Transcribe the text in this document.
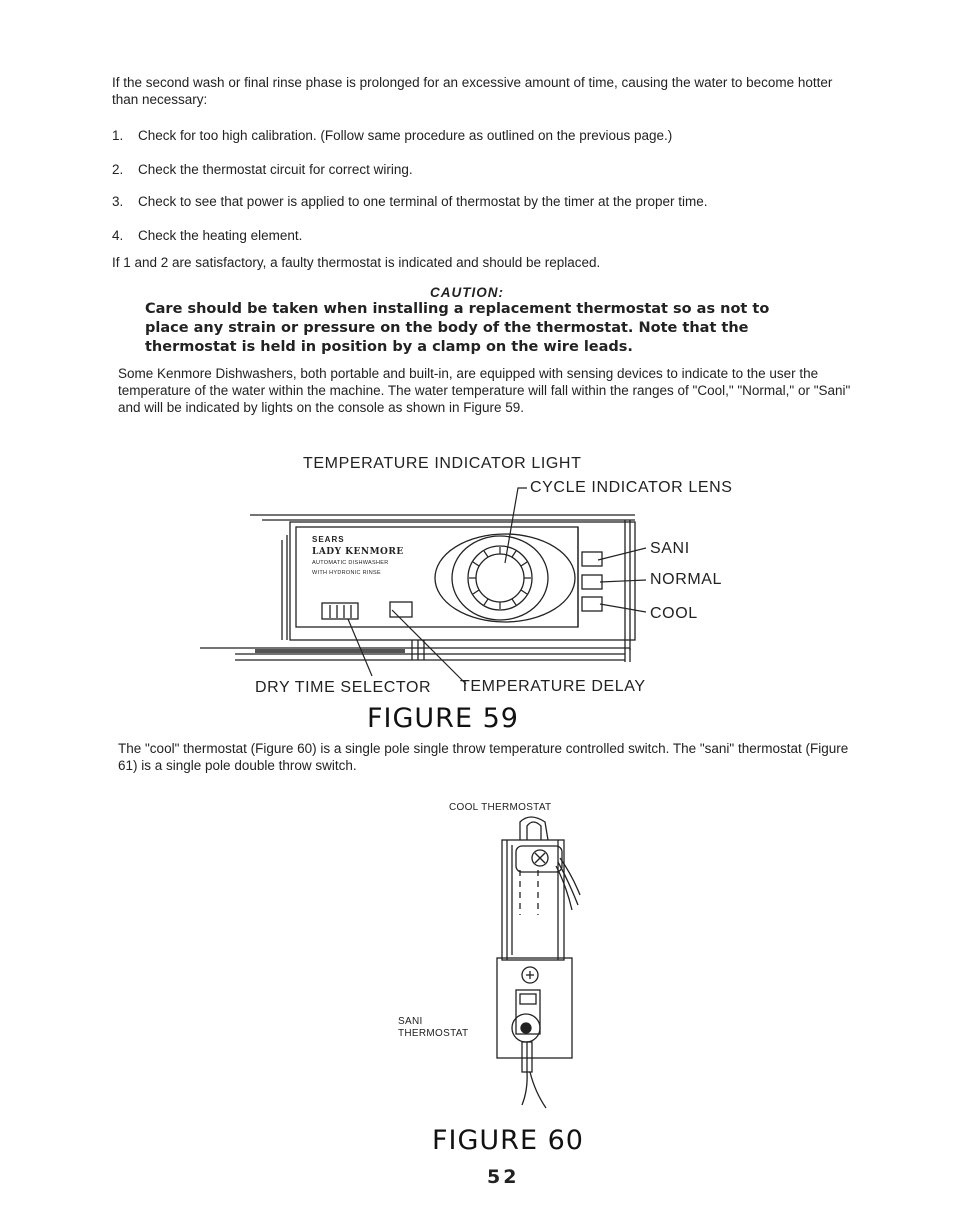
If the second wash or final rinse phase is prolonged for an excessive amount of time, causing the water to become hotter than necessary:
1. Check for too high calibration. (Follow same procedure as outlined on the previous page.)
2. Check the thermostat circuit for correct wiring.
3. Check to see that power is applied to one terminal of thermostat by the timer at the proper time.
4. Check the heating element.
If 1 and 2 are satisfactory, a faulty thermostat is indicated and should be replaced.
CAUTION:
Care should be taken when installing a replacement thermostat so as not to place any strain or pressure on the body of the thermostat. Note that the thermostat is held in position by a clamp on the wire leads.
Some Kenmore Dishwashers, both portable and built-in, are equipped with sensing devices to indicate to the user the temperature of the water within the machine. The water temperature will fall within the ranges of "Cool," "Normal," or "Sani" and will be indicated by lights on the console as shown in Figure 59.
TEMPERATURE INDICATOR LIGHT
CYCLE INDICATOR LENS
SANI
NORMAL
COOL
DRY TIME SELECTOR TEMPERATURE DELAY
SEARS
LADY KENMORE
AUTOMATIC DISHWASHER
WITH HYDRONIC RINSE
FIGURE 59
The "cool" thermostat (Figure 60) is a single pole single throw temperature controlled switch. The "sani" thermostat (Figure 61) is a single pole double throw switch.
COOL THERMOSTAT
SANI
THERMOSTAT
FIGURE 60
52
